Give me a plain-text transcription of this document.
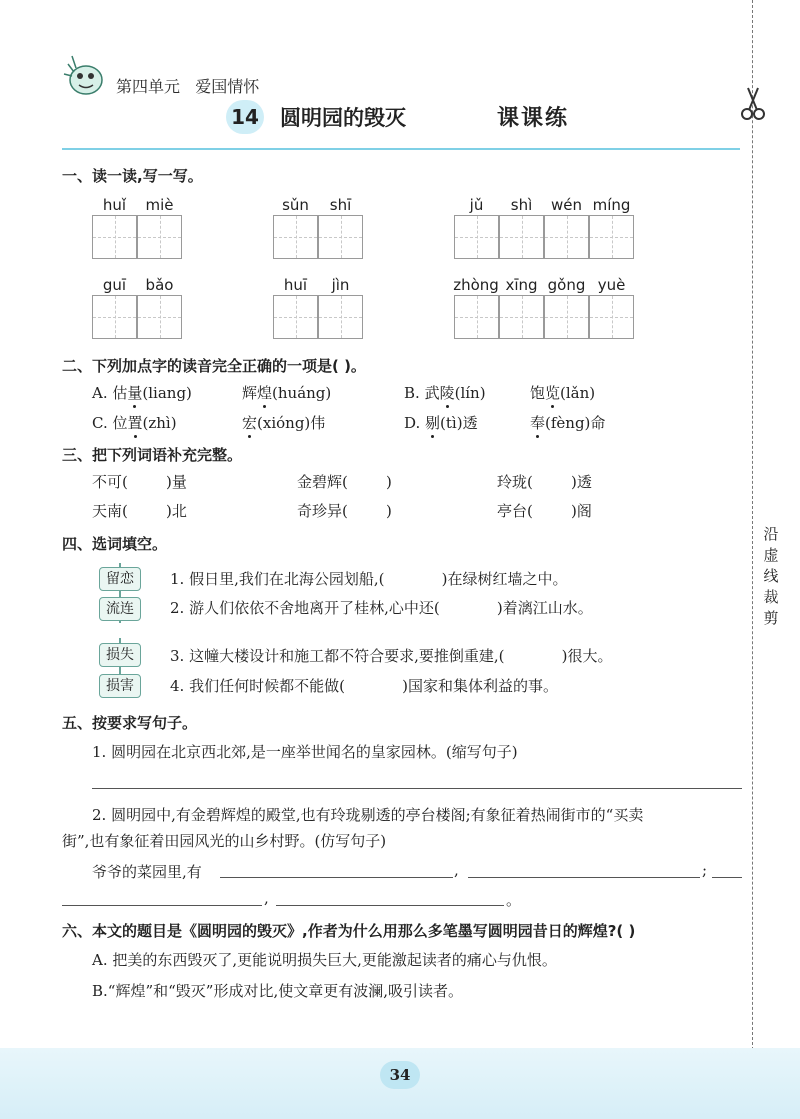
沿虚线裁剪
第四单元   爱国情怀
14 圆明园的毁灭	课课练
一、读一读,写一写。
huǐ	miè	sǔn	shī	jǔ	shì	wén míng
guī	bǎo	huī	jìn	zhòng xīng gǒng yuè
二、下列加点字的读音完全正确的一项是( )。
A. 估量(liang)	辉煌(huáng)	B. 武陵(lín)	饱览(lǎn)
C. 位置(zhì)	宏(xióng)伟	D. 剔(tì)透	奉(fèng)命
三、把下列词语补充完整。
不可(        )量	金碧辉(        )	玲珑(        )透
天南(        )北	奇珍异(        )	亭台(        )阁
四、选词填空。
留恋
流连
损失
损害
1. 假日里,我们在北海公园划船,(            )在绿树红墙之中。
2. 游人们依依不舍地离开了桂林,心中还(            )着漓江山水。
3. 这幢大楼设计和施工都不符合要求,要推倒重建,(            )很大。
4. 我们任何时候都不能做(            )国家和集体利益的事。
五、按要求写句子。
1. 圆明园在北京西北郊,是一座举世闻名的皇家园林。(缩写句子)
2. 圆明园中,有金碧辉煌的殿堂,也有玲珑剔透的亭台楼阁;有象征着热闹街市的“买卖
街”,也有象征着田园风光的山乡村野。(仿写句子)
爷爷的菜园里,有	,	;
,	。
六、本文的题目是《圆明园的毁灭》,作者为什么用那么多笔墨写圆明园昔日的辉煌?( )
A. 把美的东西毁灭了,更能说明损失巨大,更能激起读者的痛心与仇恨。
B.“辉煌”和“毁灭”形成对比,使文章更有波澜,吸引读者。
34
